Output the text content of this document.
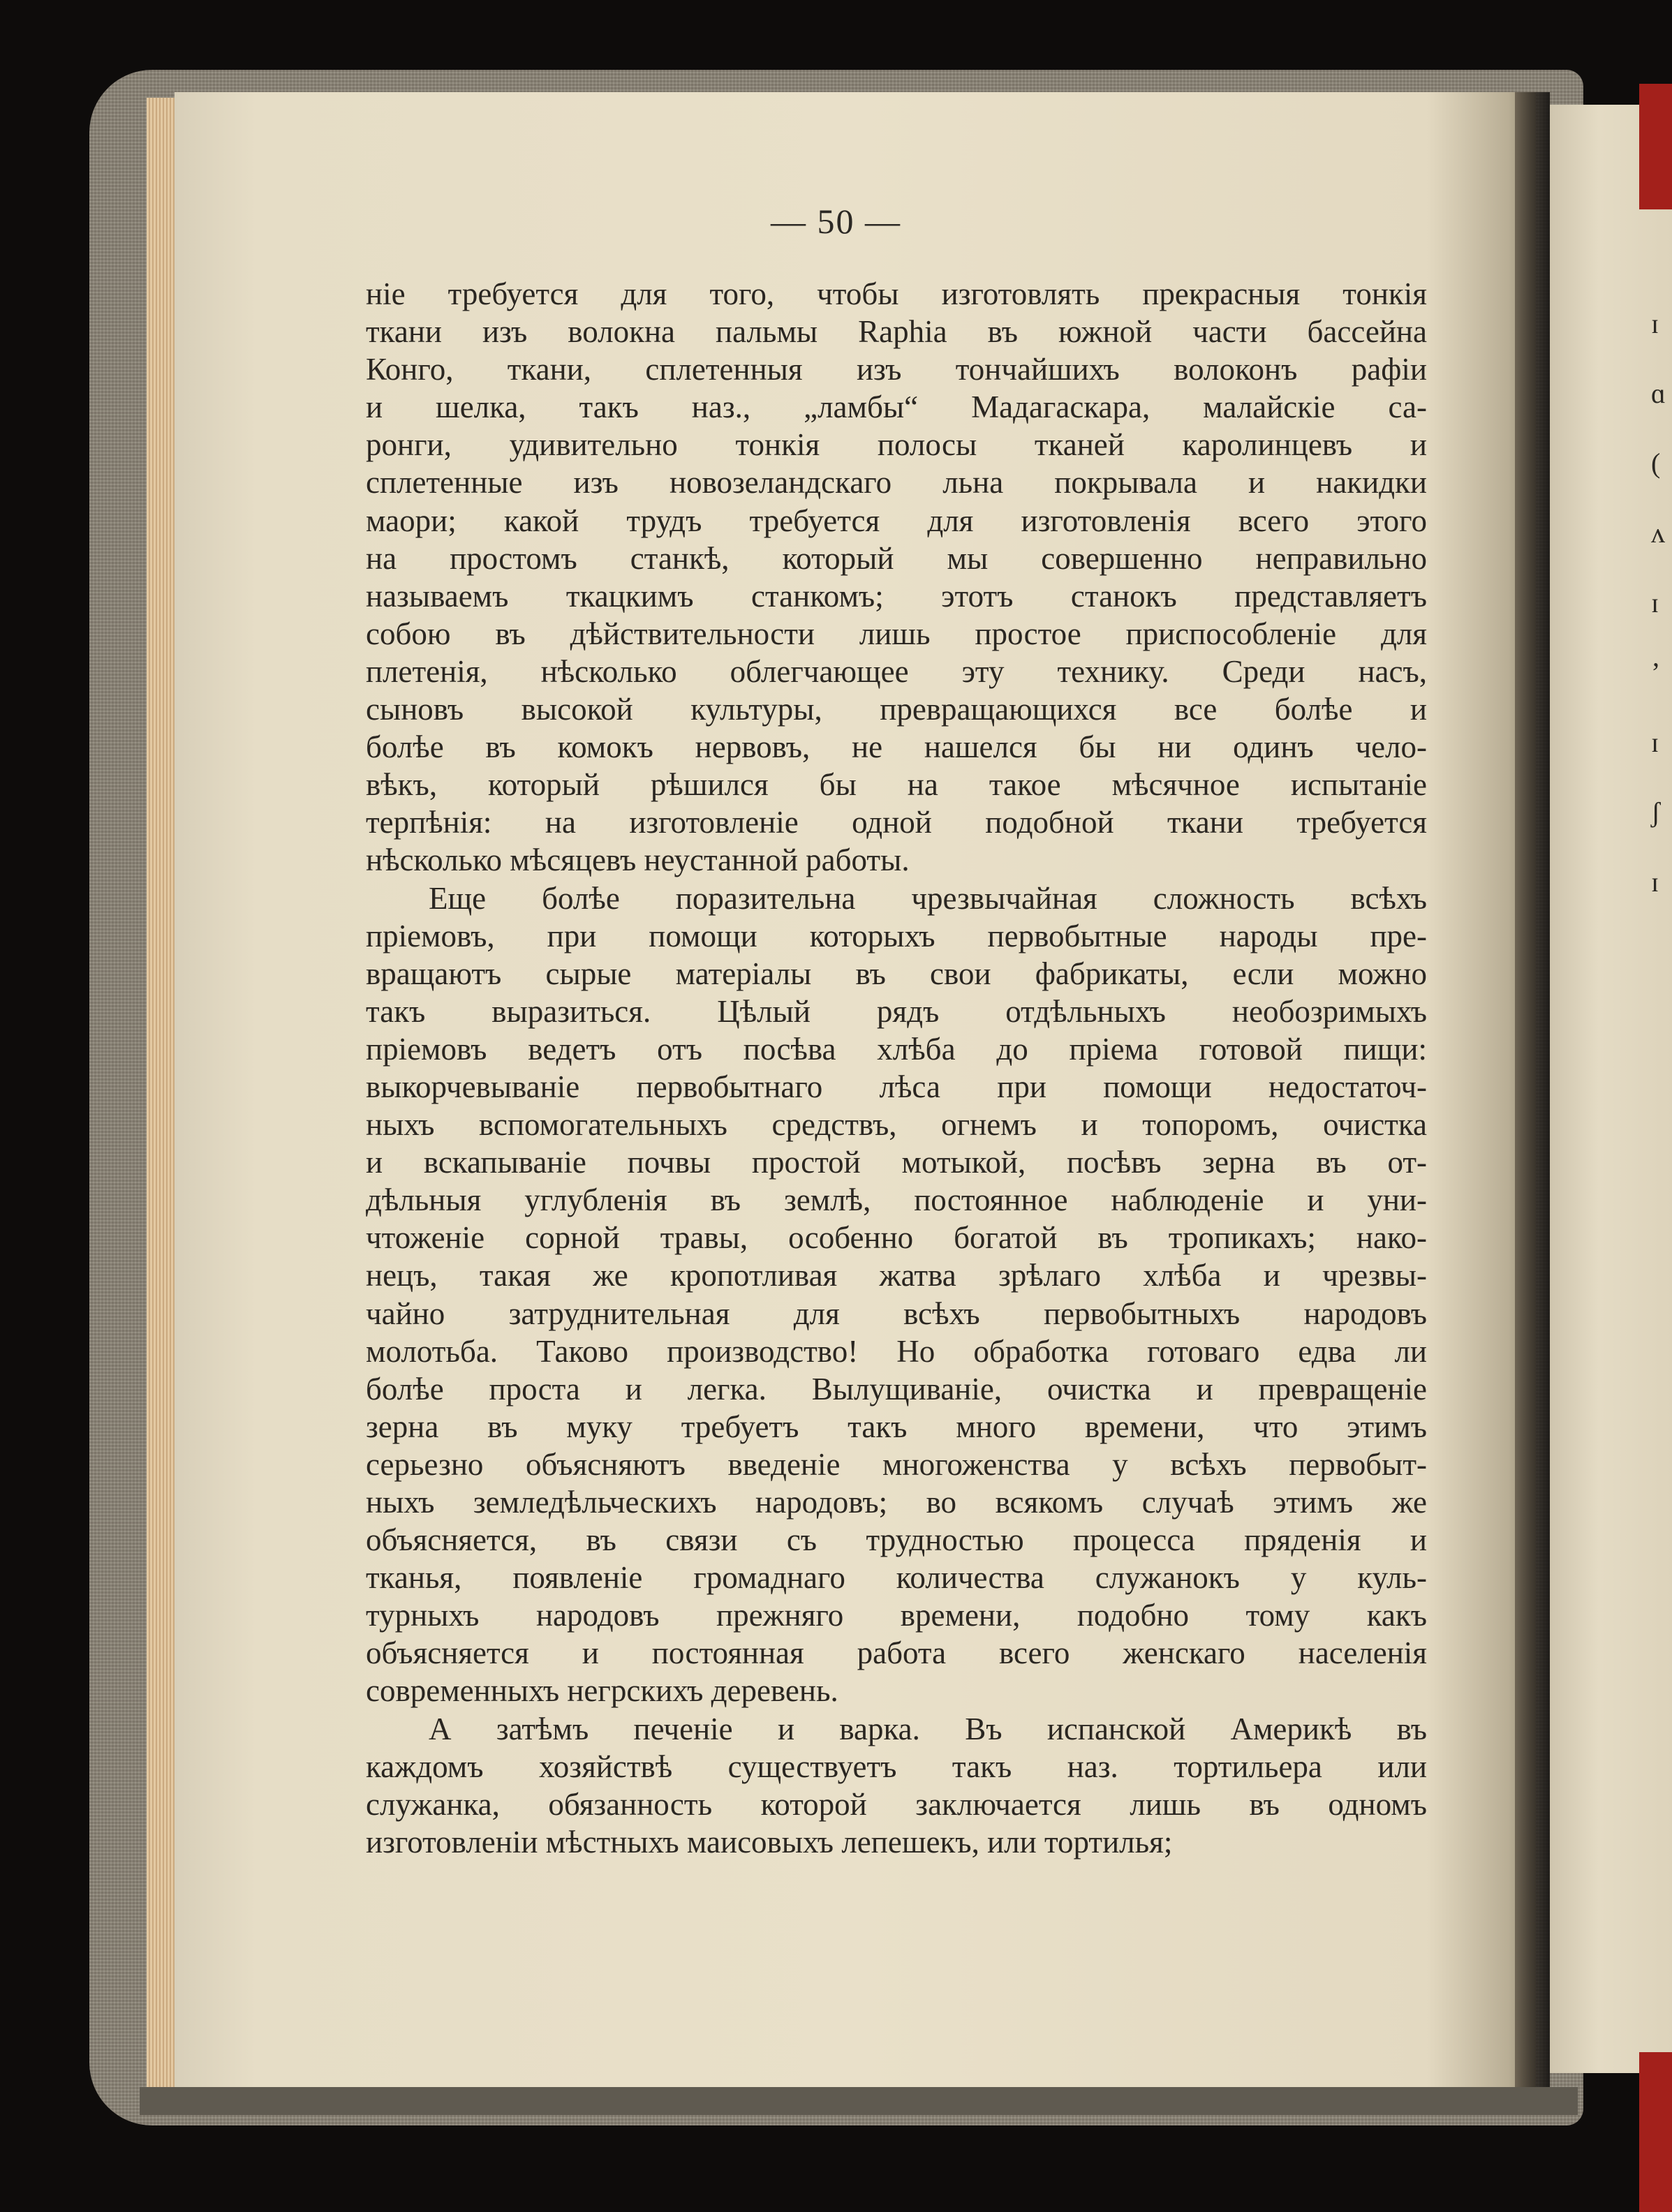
ɪ
ɑ
(
ʌ
ɪ
ʼ
ɪ
ʃ
ɪ
— 50 —
ніе требуется для того, чтобы изготовлять прекрасныя тонкія
ткани изъ волокна пальмы Raphia въ южной части бассейна
Конго, ткани, сплетенныя изъ тончайшихъ волоконъ рафіи
и шелка, такъ наз., „ламбы“ Мадагаскара, малайскіе са-
ронги, удивительно тонкія полосы тканей каролинцевъ и
сплетенные изъ новозеландскаго льна покрывала и накидки
маори; какой трудъ требуется для изготовленія всего этого
на простомъ станкѣ, который мы совершенно неправильно
называемъ ткацкимъ станкомъ; этотъ станокъ представляетъ
собою въ дѣйствительности лишь простое приспособленіе для
плетенія, нѣсколько облегчающее эту технику. Среди насъ,
сыновъ высокой культуры, превращающихся все болѣе и
болѣе въ комокъ нервовъ, не нашелся бы ни одинъ чело-
вѣкъ, который рѣшился бы на такое мѣсячное испытаніе
терпѣнія: на изготовленіе одной подобной ткани требуется
нѣсколько мѣсяцевъ неустанной работы.
Еще болѣе поразительна чрезвычайная сложность всѣхъ
пріемовъ, при помощи которыхъ первобытные народы пре-
вращаютъ сырые матеріалы въ свои фабрикаты, если можно
такъ выразиться. Цѣлый рядъ отдѣльныхъ необозримыхъ
пріемовъ ведетъ отъ посѣва хлѣба до пріема готовой пищи:
выкорчевываніе первобытнаго лѣса при помощи недостаточ-
ныхъ вспомогательныхъ средствъ, огнемъ и топоромъ, очистка
и вскапываніе почвы простой мотыкой, посѣвъ зерна въ от-
дѣльныя углубленія въ землѣ, постоянное наблюденіе и уни-
чтоженіе сорной травы, особенно богатой въ тропикахъ; нако-
нецъ, такая же кропотливая жатва зрѣлаго хлѣба и чрезвы-
чайно затруднительная для всѣхъ первобытныхъ народовъ
молотьба. Таково производство! Но обработка готоваго едва ли
болѣе проста и легка. Вылущиваніе, очистка и превращеніе
зерна въ муку требуетъ такъ много времени, что этимъ
серьезно объясняютъ введеніе многоженства у всѣхъ первобыт-
ныхъ земледѣльческихъ народовъ; во всякомъ случаѣ этимъ же
объясняется, въ связи съ трудностью процесса пряденія и
тканья, появленіе громаднаго количества служанокъ у куль-
турныхъ народовъ прежняго времени, подобно тому какъ
объясняется и постоянная работа всего женскаго населенія
современныхъ негрскихъ деревень.
А затѣмъ печеніе и варка. Въ испанской Америкѣ въ
каждомъ хозяйствѣ существуетъ такъ наз. тортильера или
служанка, обязанность которой заключается лишь въ одномъ
изготовленіи мѣстныхъ маисовыхъ лепешекъ, или тортилья;
